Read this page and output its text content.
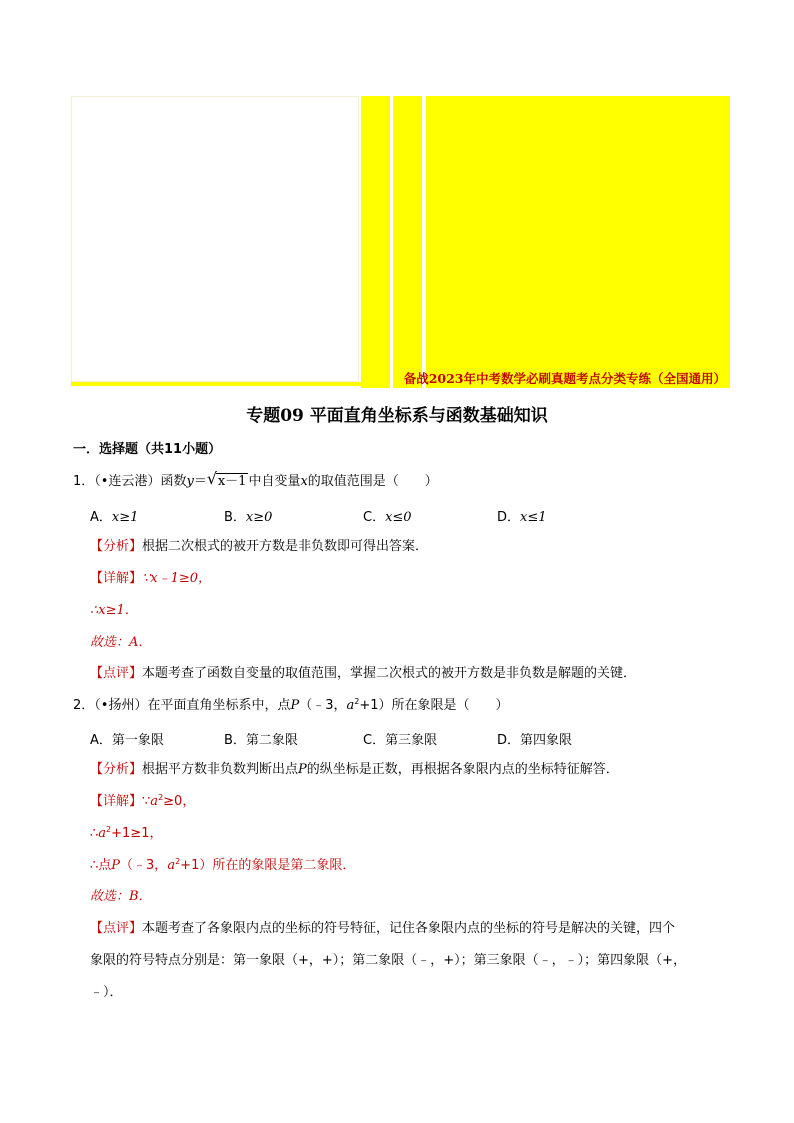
备战2023年中考数学必刷真题考点分类专练（全国通用）
专题09 平面直角坐标系与函数基础知识
一．选择题（共11小题）
1．（•连云港）函数y＝ √ x－1 中自变量x的取值范围是（　　）
A．x≥1	B．x≥0	C．x≤0	D．x≤1
【分析】根据二次根式的被开方数是非负数即可得出答案．
【详解】∵x﹣1≥0，
∴x≥1．
故选：A．
【点评】本题考查了函数自变量的取值范围，掌握二次根式的被开方数是非负数是解题的关键．
2．（•扬州）在平面直角坐标系中，点P（﹣3，$a^2+1$）所在象限是（　　）
A．第一象限	B．第二象限	C．第三象限	D．第四象限
【分析】根据平方数非负数判断出点P的纵坐标是正数，再根据各象限内点的坐标特征解答．
【详解】$\because a^2\ge 0$，
$\therefore a^2+1\ge 1$，
∴点P（﹣3，$a^2+1$）所在的象限是第二象限．
故选：B．
【点评】本题考查了各象限内点的坐标的符号特征，记住各象限内点的坐标的符号是解决的关键，四个
象限的符号特点分别是：第一象限（+，+）；第二象限（﹣，+）；第三象限（﹣，﹣）；第四象限（+，
﹣）．
